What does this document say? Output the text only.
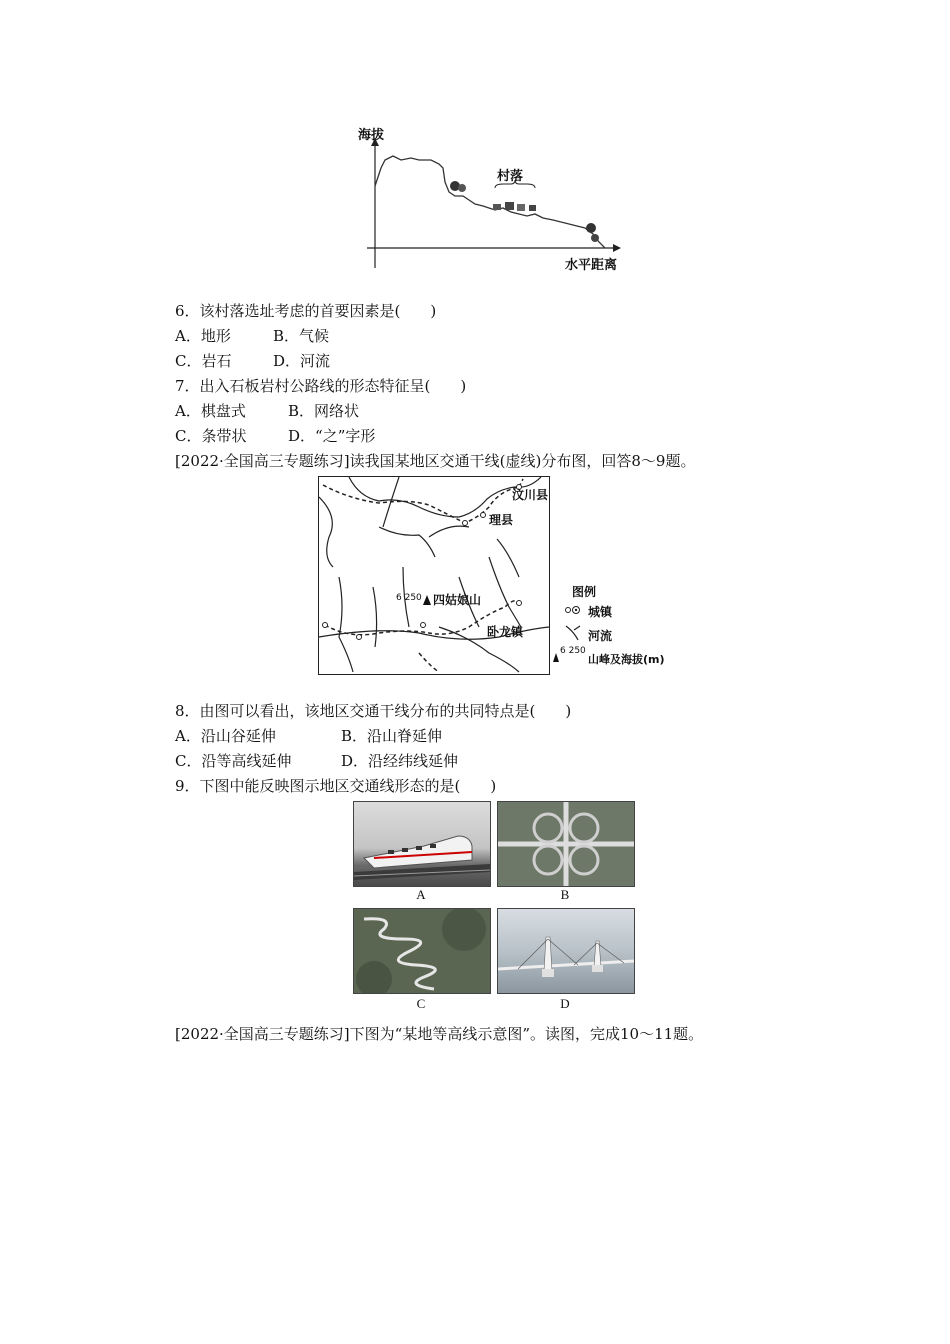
海拔
水平距离
村落
6．该村落选址考虑的首要因素是(　　)
A．地形	B．气候
C．岩石	D．河流
7．出入石板岩村公路线的形态特征呈(　　)
A．棋盘式	B．网络状
C．条带状	D．“之”字形
[2022·全国高三专题练习]读我国某地区交通干线(虚线)分布图，回答8～9题。
汶川县
理县
卧龙镇
6 250 四姑娘山
图例
城镇
河流
6 250
山峰及海拔(m)
8．由图可以看出，该地区交通干线分布的共同特点是(　　)
A．沿山谷延伸	B．沿山脊延伸
C．沿等高线延伸	D．沿经纬线延伸
9．下图中能反映图示地区交通线形态的是(　　)
A	B
C	D
[2022·全国高三专题练习]下图为“某地等高线示意图”。读图，完成10～11题。
